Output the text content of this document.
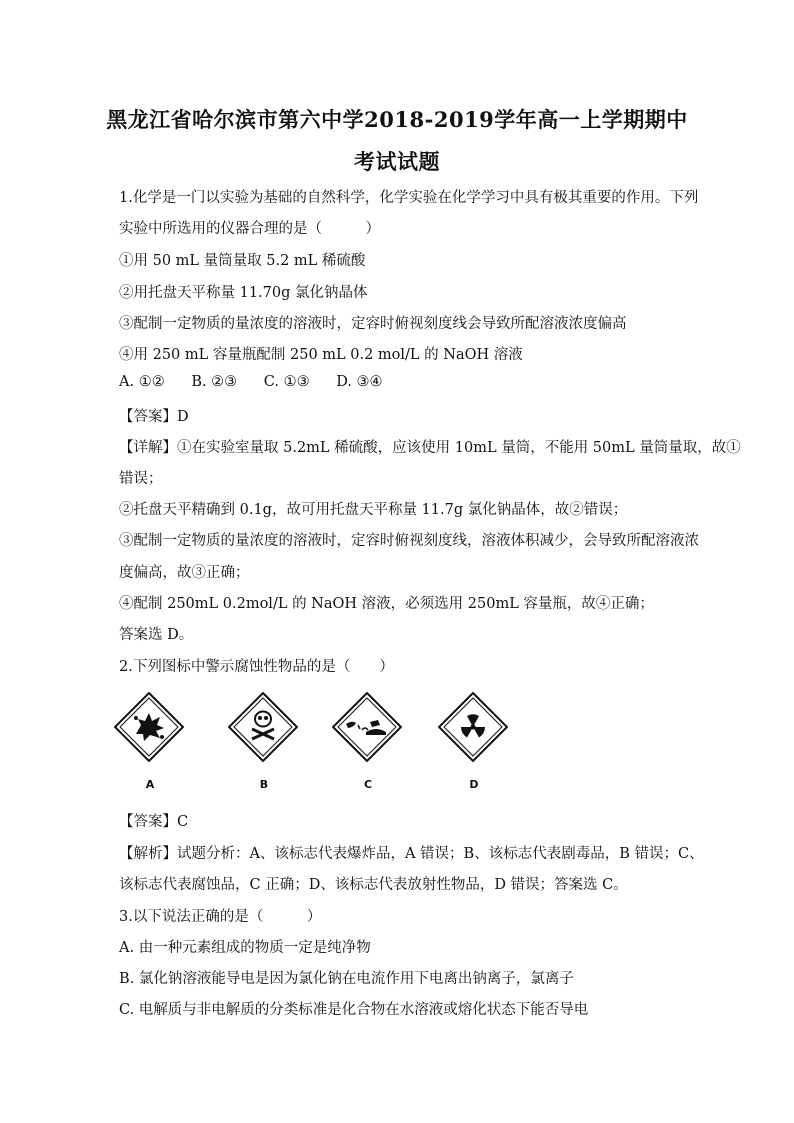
黑龙江省哈尔滨市第六中学2018-2019学年高一上学期期中
考试试题
1.化学是一门以实验为基础的自然科学，化学实验在化学学习中具有极其重要的作用。下列
实验中所选用的仪器合理的是（　　　）
①用 50 mL 量筒量取 5.2 mL 稀硫酸
②用托盘天平称量 11.70g 氯化钠晶体
③配制一定物质的量浓度的溶液时，定容时俯视刻度线会导致所配溶液浓度偏高
④用 250 mL 容量瓶配制 250 mL 0.2 mol/L 的 NaOH 溶液
A. ①② B. ②③ C. ①③ D. ③④
【答案】D
【详解】①在实验室量取 5.2mL 稀硫酸，应该使用 10mL 量筒，不能用 50mL 量筒量取，故①
错误；
②托盘天平精确到 0.1g，故可用托盘天平称量 11.7g 氯化钠晶体，故②错误；
③配制一定物质的量浓度的溶液时，定容时俯视刻度线，溶液体积减少，会导致所配溶液浓
度偏高，故③正确；
④配制 250mL 0.2mol/L 的 NaOH 溶液，必须选用 250mL 容量瓶，故④正确；
答案选 D。
2.下列图标中警示腐蚀性物品的是（　　）
A	B	C	D
【答案】C
【解析】试题分析：A、该标志代表爆炸品，A 错误；B、该标志代表剧毒品，B 错误；C、
该标志代表腐蚀品，C 正确；D、该标志代表放射性物品，D 错误；答案选 C。
3.以下说法正确的是（　　　）
A. 由一种元素组成的物质一定是纯净物
B. 氯化钠溶液能导电是因为氯化钠在电流作用下电离出钠离子，氯离子
C. 电解质与非电解质的分类标准是化合物在水溶液或熔化状态下能否导电
